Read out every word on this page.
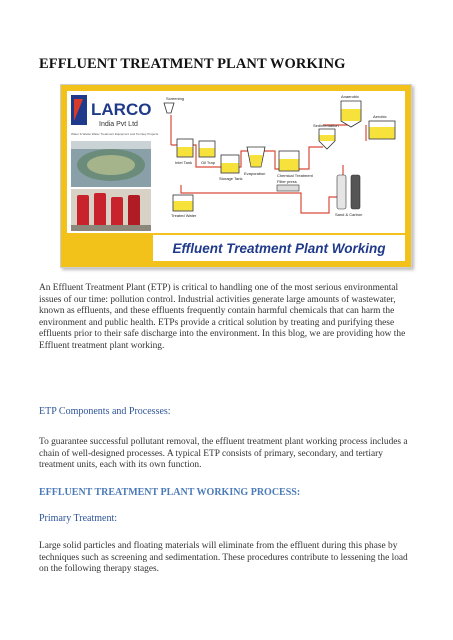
EFFLUENT TREATMENT PLANT WORKING
LARCO
India Pvt Ltd
Water & Waste Water Treatment Equipment and Turnkey Projects
Screening
Inlet Tank Oil Trap
Storage Tank
Evaporation	Chemical Treatment
Anaerobic
Sedimentation
Aerobic
Filter press
Sand & Carbon
Treated Water
Effluent Treatment Plant Working

An Effluent Treatment Plant (ETP) is critical to handling one of the most serious environmental issues of our time: pollution control. Industrial activities generate large amounts of wastewater, known as effluents, and these effluents frequently contain harmful chemicals that can harm the environment and public health. ETPs provide a critical solution by treating and purifying these effluents prior to their safe discharge into the environment. In this blog, we are providing how the Effluent treatment plant working.

ETP Components and Processes:

To guarantee successful pollutant removal, the effluent treatment plant working process includes a chain of well-designed processes. A typical ETP consists of primary, secondary, and tertiary treatment units, each with its own function.

EFFLUENT TREATMENT PLANT WORKING PROCESS:

Primary Treatment:

Large solid particles and floating materials will eliminate from the effluent during this phase by techniques such as screening and sedimentation. These procedures contribute to lessening the load on the following therapy stages.
